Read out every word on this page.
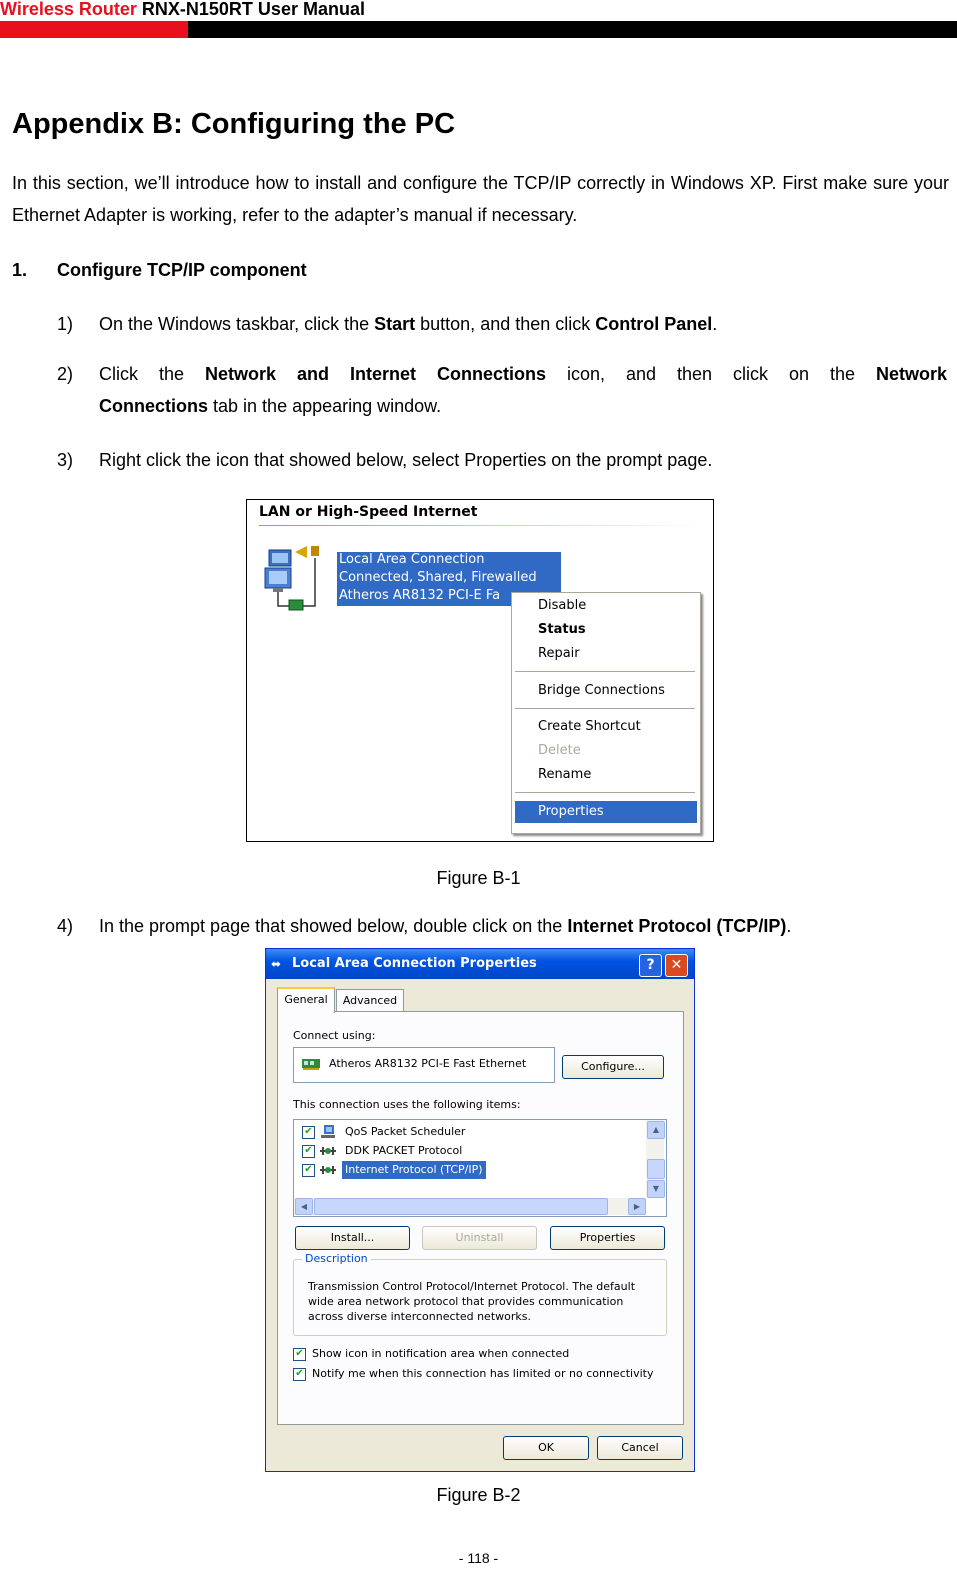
Wireless Router RNX-N150RT User Manual
Appendix B: Configuring the PC
In this section, we’ll introduce how to install and configure the TCP/IP correctly in Windows XP. First make sure your Ethernet Adapter is working, refer to the adapter’s manual if necessary.
1. Configure TCP/IP component
1) On the Windows taskbar, click the Start button, and then click Control Panel.
2) Click the Network and Internet Connections icon, and then click on the Network
Connections tab in the appearing window.
3) Right click the icon that showed below, select Properties on the prompt page.
LAN or High-Speed Internet
Local Area Connection
Connected, Shared, Firewalled
Atheros AR8132 PCI-E Fa
Disable
Status
Repair
Bridge Connections
Create Shortcut
Delete
Rename
Properties
Figure B-1
4) In the prompt page that showed below, double click on the Internet Protocol (TCP/IP).
⬌ Local Area Connection Properties	?	✕
General	Advanced
Connect using:
Atheros AR8132 PCI-E Fast Ethernet	Configure...
This connection uses the following items:
✔	QoS Packet Scheduler
✔	DDK PACKET Protocol
✔	Internet Protocol (TCP/IP)
▲
▼
◀	▶
Install...	Uninstall	Properties
Description
Transmission Control Protocol/Internet Protocol. The default wide area network protocol that provides communication across diverse interconnected networks.
✔ Show icon in notification area when connected
✔ Notify me when this connection has limited or no connectivity
OK	Cancel
Figure B-2
- 118 -
